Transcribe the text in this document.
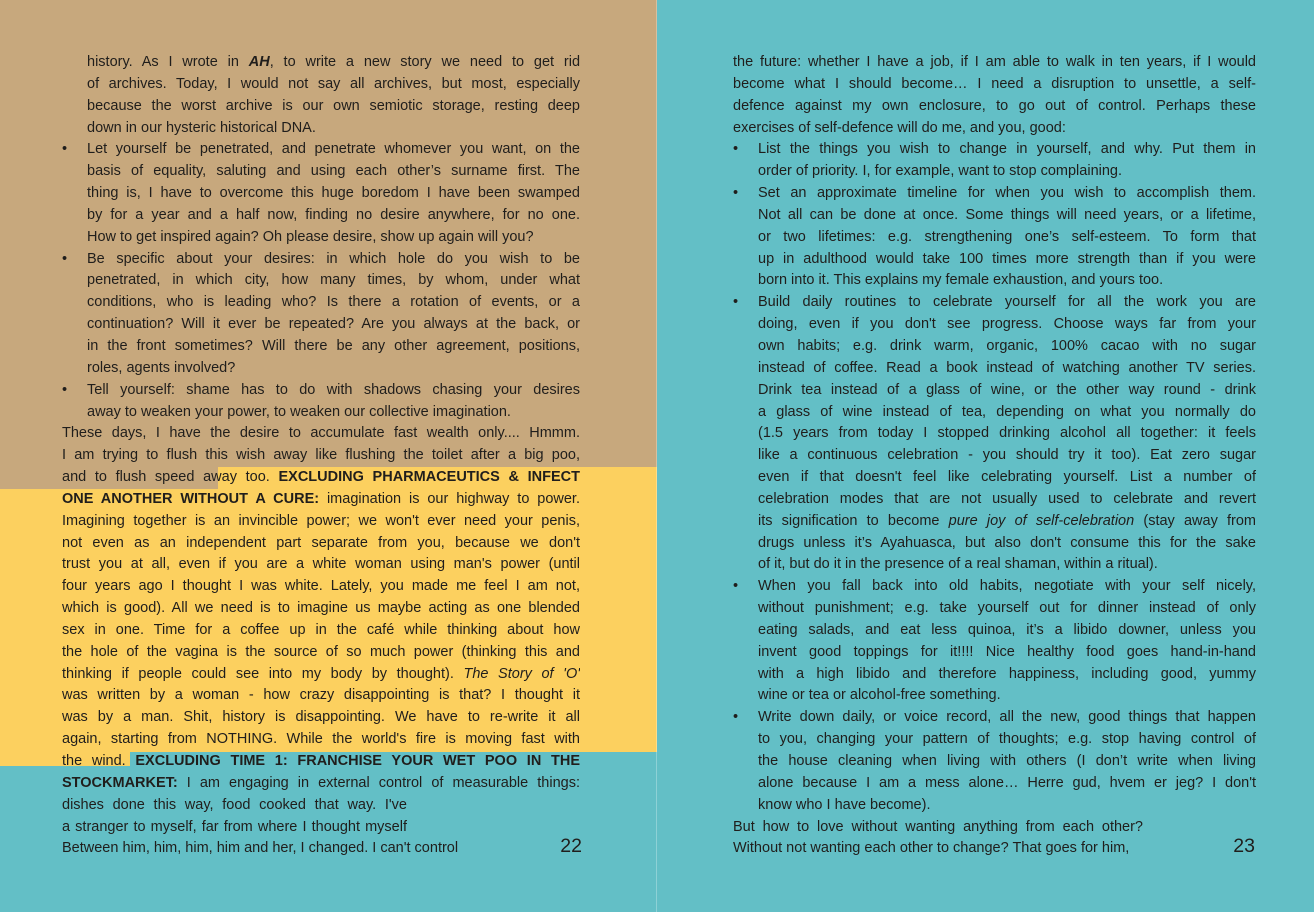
history. As I wrote in AH, to write a new story we need to get rid
of archives. Today, I would not say all archives, but most, especially
because the worst archive is our own semiotic storage, resting deep
down in our hysteric historical DNA.
• Let yourself be penetrated, and penetrate whomever you want, on the
basis of equality, saluting and using each other’s surname first. The
thing is, I have to overcome this huge boredom I have been swamped
by for a year and a half now, finding no desire anywhere, for no one.
How to get inspired again? Oh please desire, show up again will you?
• Be specific about your desires: in which hole do you wish to be
penetrated, in which city, how many times, by whom, under what
conditions, who is leading who? Is there a rotation of events, or a
continuation? Will it ever be repeated? Are you always at the back, or
in the front sometimes? Will there be any other agreement, positions,
roles, agents involved?
• Tell yourself: shame has to do with shadows chasing your desires
away to weaken your power, to weaken our collective imagination.
These days, I have the desire to accumulate fast wealth only.... Hmmm.
I am trying to flush this wish away like flushing the toilet after a big poo,
and to flush speed away too. EXCLUDING PHARMACEUTICS & INFECT
ONE ANOTHER WITHOUT A CURE: imagination is our highway to power.
Imagining together is an invincible power; we won't ever need your penis,
not even as an independent part separate from you, because we don't
trust you at all, even if you are a white woman using man's power (until
four years ago I thought I was white. Lately, you made me feel I am not,
which is good). All we need is to imagine us maybe acting as one blended
sex in one. Time for a coffee up in the café while thinking about how
the hole of the vagina is the source of so much power (thinking this and
thinking if people could see into my body by thought). The Story of 'O'
was written by a woman - how crazy disappointing is that? I thought it
was by a man. Shit, history is disappointing. We have to re-write it all
again, starting from NOTHING. While the world's fire is moving fast with
the wind. EXCLUDING TIME 1: FRANCHISE YOUR WET POO IN THE
STOCKMARKET: I am engaging in external control of measurable things:
dishes done this way, food cooked that way. I've
a stranger to myself, far from where I thought myself
Between him, him, him, him and her, I changed. I can't control	22
the future: whether I have a job, if I am able to walk in ten years, if I would
become what I should become… I need a disruption to unsettle, a self-
defence against my own enclosure, to go out of control. Perhaps these
exercises of self-defence will do me, and you, good:
• List the things you wish to change in yourself, and why. Put them in
order of priority. I, for example, want to stop complaining.
• Set an approximate timeline for when you wish to accomplish them.
Not all can be done at once. Some things will need years, or a lifetime,
or two lifetimes: e.g. strengthening one’s self-esteem. To form that
up in adulthood would take 100 times more strength than if you were
born into it. This explains my female exhaustion, and yours too.
• Build daily routines to celebrate yourself for all the work you are
doing, even if you don't see progress. Choose ways far from your
own habits; e.g. drink warm, organic, 100% cacao with no sugar
instead of coffee. Read a book instead of watching another TV series.
Drink tea instead of a glass of wine, or the other way round - drink
a glass of wine instead of tea, depending on what you normally do
(1.5 years from today I stopped drinking alcohol all together: it feels
like a continuous celebration - you should try it too). Eat zero sugar
even if that doesn't feel like celebrating yourself. List a number of
celebration modes that are not usually used to celebrate and revert
its signification to become pure joy of self-celebration (stay away from
drugs unless it’s Ayahuasca, but also don't consume this for the sake
of it, but do it in the presence of a real shaman, within a ritual).
• When you fall back into old habits, negotiate with your self nicely,
without punishment; e.g. take yourself out for dinner instead of only
eating salads, and eat less quinoa, it’s a libido downer, unless you
invent good toppings for it!!!! Nice healthy food goes hand-in-hand
with a high libido and therefore happiness, including good, yummy
wine or tea or alcohol-free something.
• Write down daily, or voice record, all the new, good things that happen
to you, changing your pattern of thoughts; e.g. stop having control of
the house cleaning when living with others (I don’t write when living
alone because I am a mess alone… Herre gud, hvem er jeg? I don't
know who I have become).
But how to love without wanting anything from each other?
Without not wanting each other to change? That goes for him,	23
